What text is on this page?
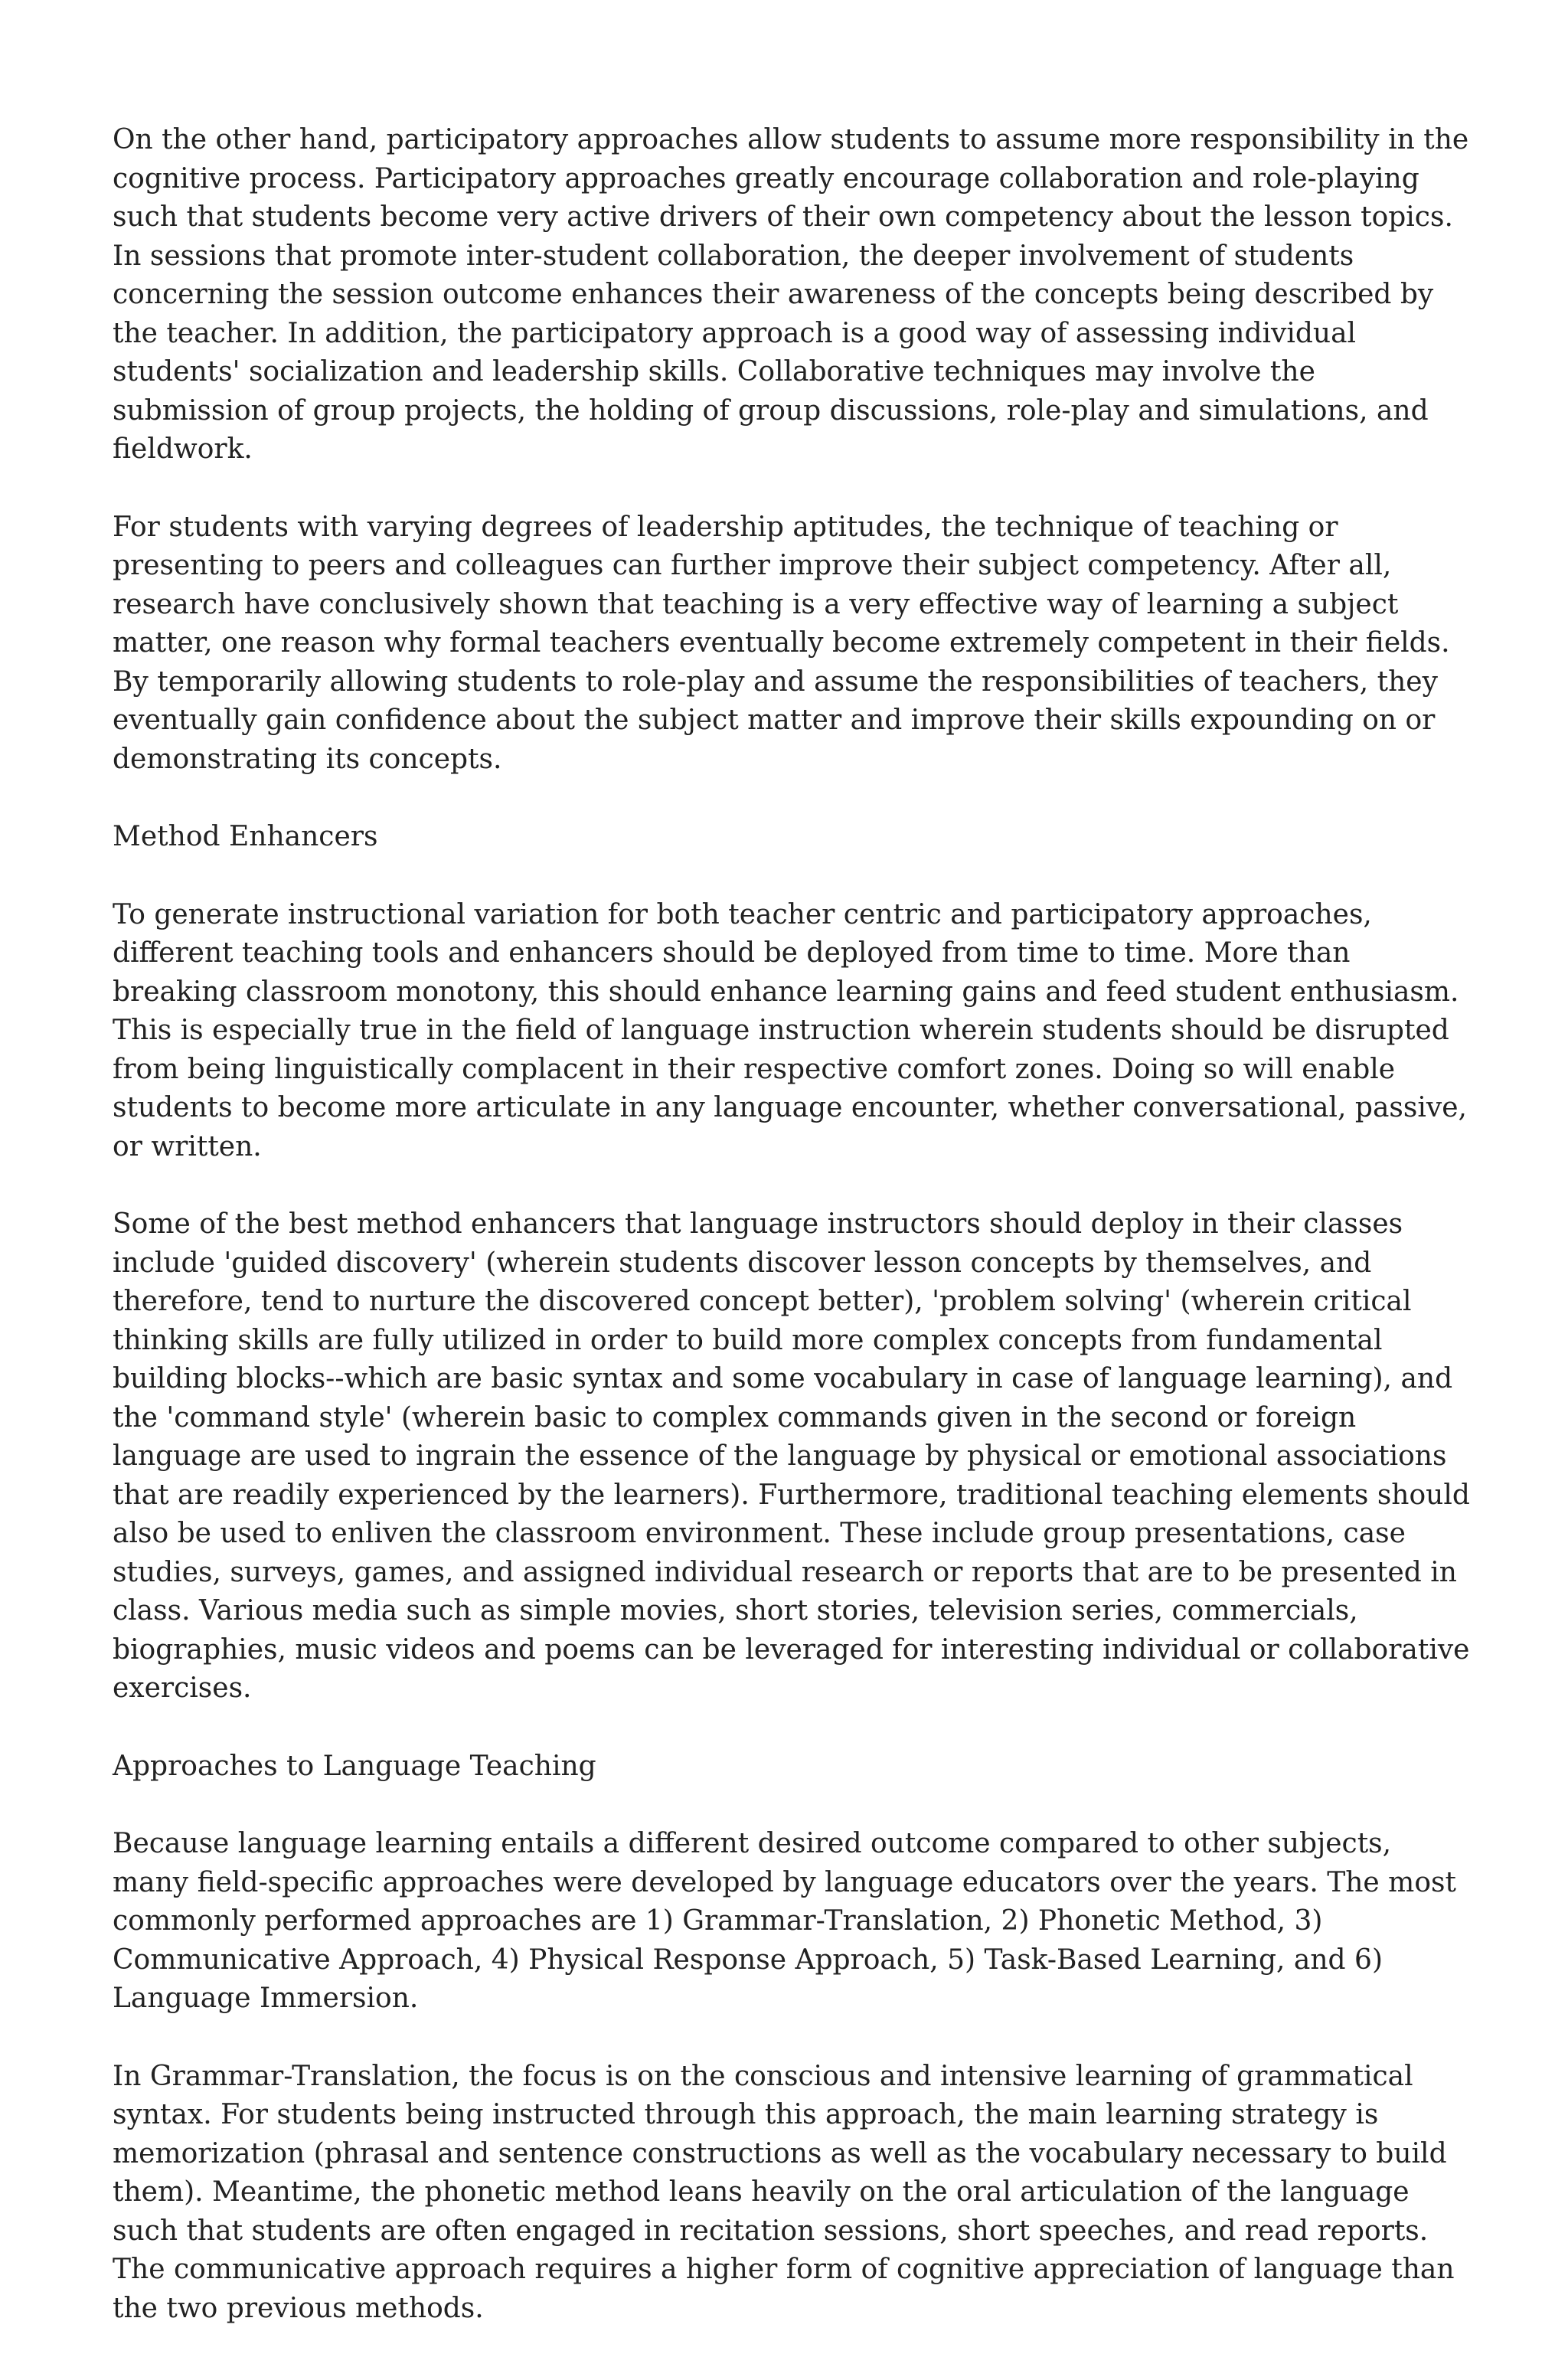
On the other hand, participatory approaches allow students to assume more responsibility in the cognitive process. Participatory approaches greatly encourage collaboration and role-playing such that students become very active drivers of their own competency about the lesson topics. In sessions that promote inter-student collaboration, the deeper involvement of students concerning the session outcome enhances their awareness of the concepts being described by the teacher. In addition, the participatory approach is a good way of assessing individual students' socialization and leadership skills. Collaborative techniques may involve the submission of group projects, the holding of group discussions, role-play and simulations, and fieldwork.

For students with varying degrees of leadership aptitudes, the technique of teaching or presenting to peers and colleagues can further improve their subject competency. After all, research have conclusively shown that teaching is a very effective way of learning a subject matter, one reason why formal teachers eventually become extremely competent in their fields. By temporarily allowing students to role-play and assume the responsibilities of teachers, they eventually gain confidence about the subject matter and improve their skills expounding on or demonstrating its concepts.

Method Enhancers

To generate instructional variation for both teacher centric and participatory approaches, different teaching tools and enhancers should be deployed from time to time. More than breaking classroom monotony, this should enhance learning gains and feed student enthusiasm. This is especially true in the field of language instruction wherein students should be disrupted from being linguistically complacent in their respective comfort zones. Doing so will enable students to become more articulate in any language encounter, whether conversational, passive, or written.

Some of the best method enhancers that language instructors should deploy in their classes include 'guided discovery' (wherein students discover lesson concepts by themselves, and therefore, tend to nurture the discovered concept better), 'problem solving' (wherein critical thinking skills are fully utilized in order to build more complex concepts from fundamental building blocks--which are basic syntax and some vocabulary in case of language learning), and the 'command style' (wherein basic to complex commands given in the second or foreign language are used to ingrain the essence of the language by physical or emotional associations that are readily experienced by the learners). Furthermore, traditional teaching elements should also be used to enliven the classroom environment. These include group presentations, case studies, surveys, games, and assigned individual research or reports that are to be presented in class. Various media such as simple movies, short stories, television series, commercials, biographies, music videos and poems can be leveraged for interesting individual or collaborative exercises.

Approaches to Language Teaching

Because language learning entails a different desired outcome compared to other subjects, many field-specific approaches were developed by language educators over the years. The most commonly performed approaches are 1) Grammar-Translation, 2) Phonetic Method, 3) Communicative Approach, 4) Physical Response Approach, 5) Task-Based Learning, and 6) Language Immersion.

In Grammar-Translation, the focus is on the conscious and intensive learning of grammatical syntax. For students being instructed through this approach, the main learning strategy is memorization (phrasal and sentence constructions as well as the vocabulary necessary to build them). Meantime, the phonetic method leans heavily on the oral articulation of the language such that students are often engaged in recitation sessions, short speeches, and read reports. The communicative approach requires a higher form of cognitive appreciation of language than the two previous methods.
